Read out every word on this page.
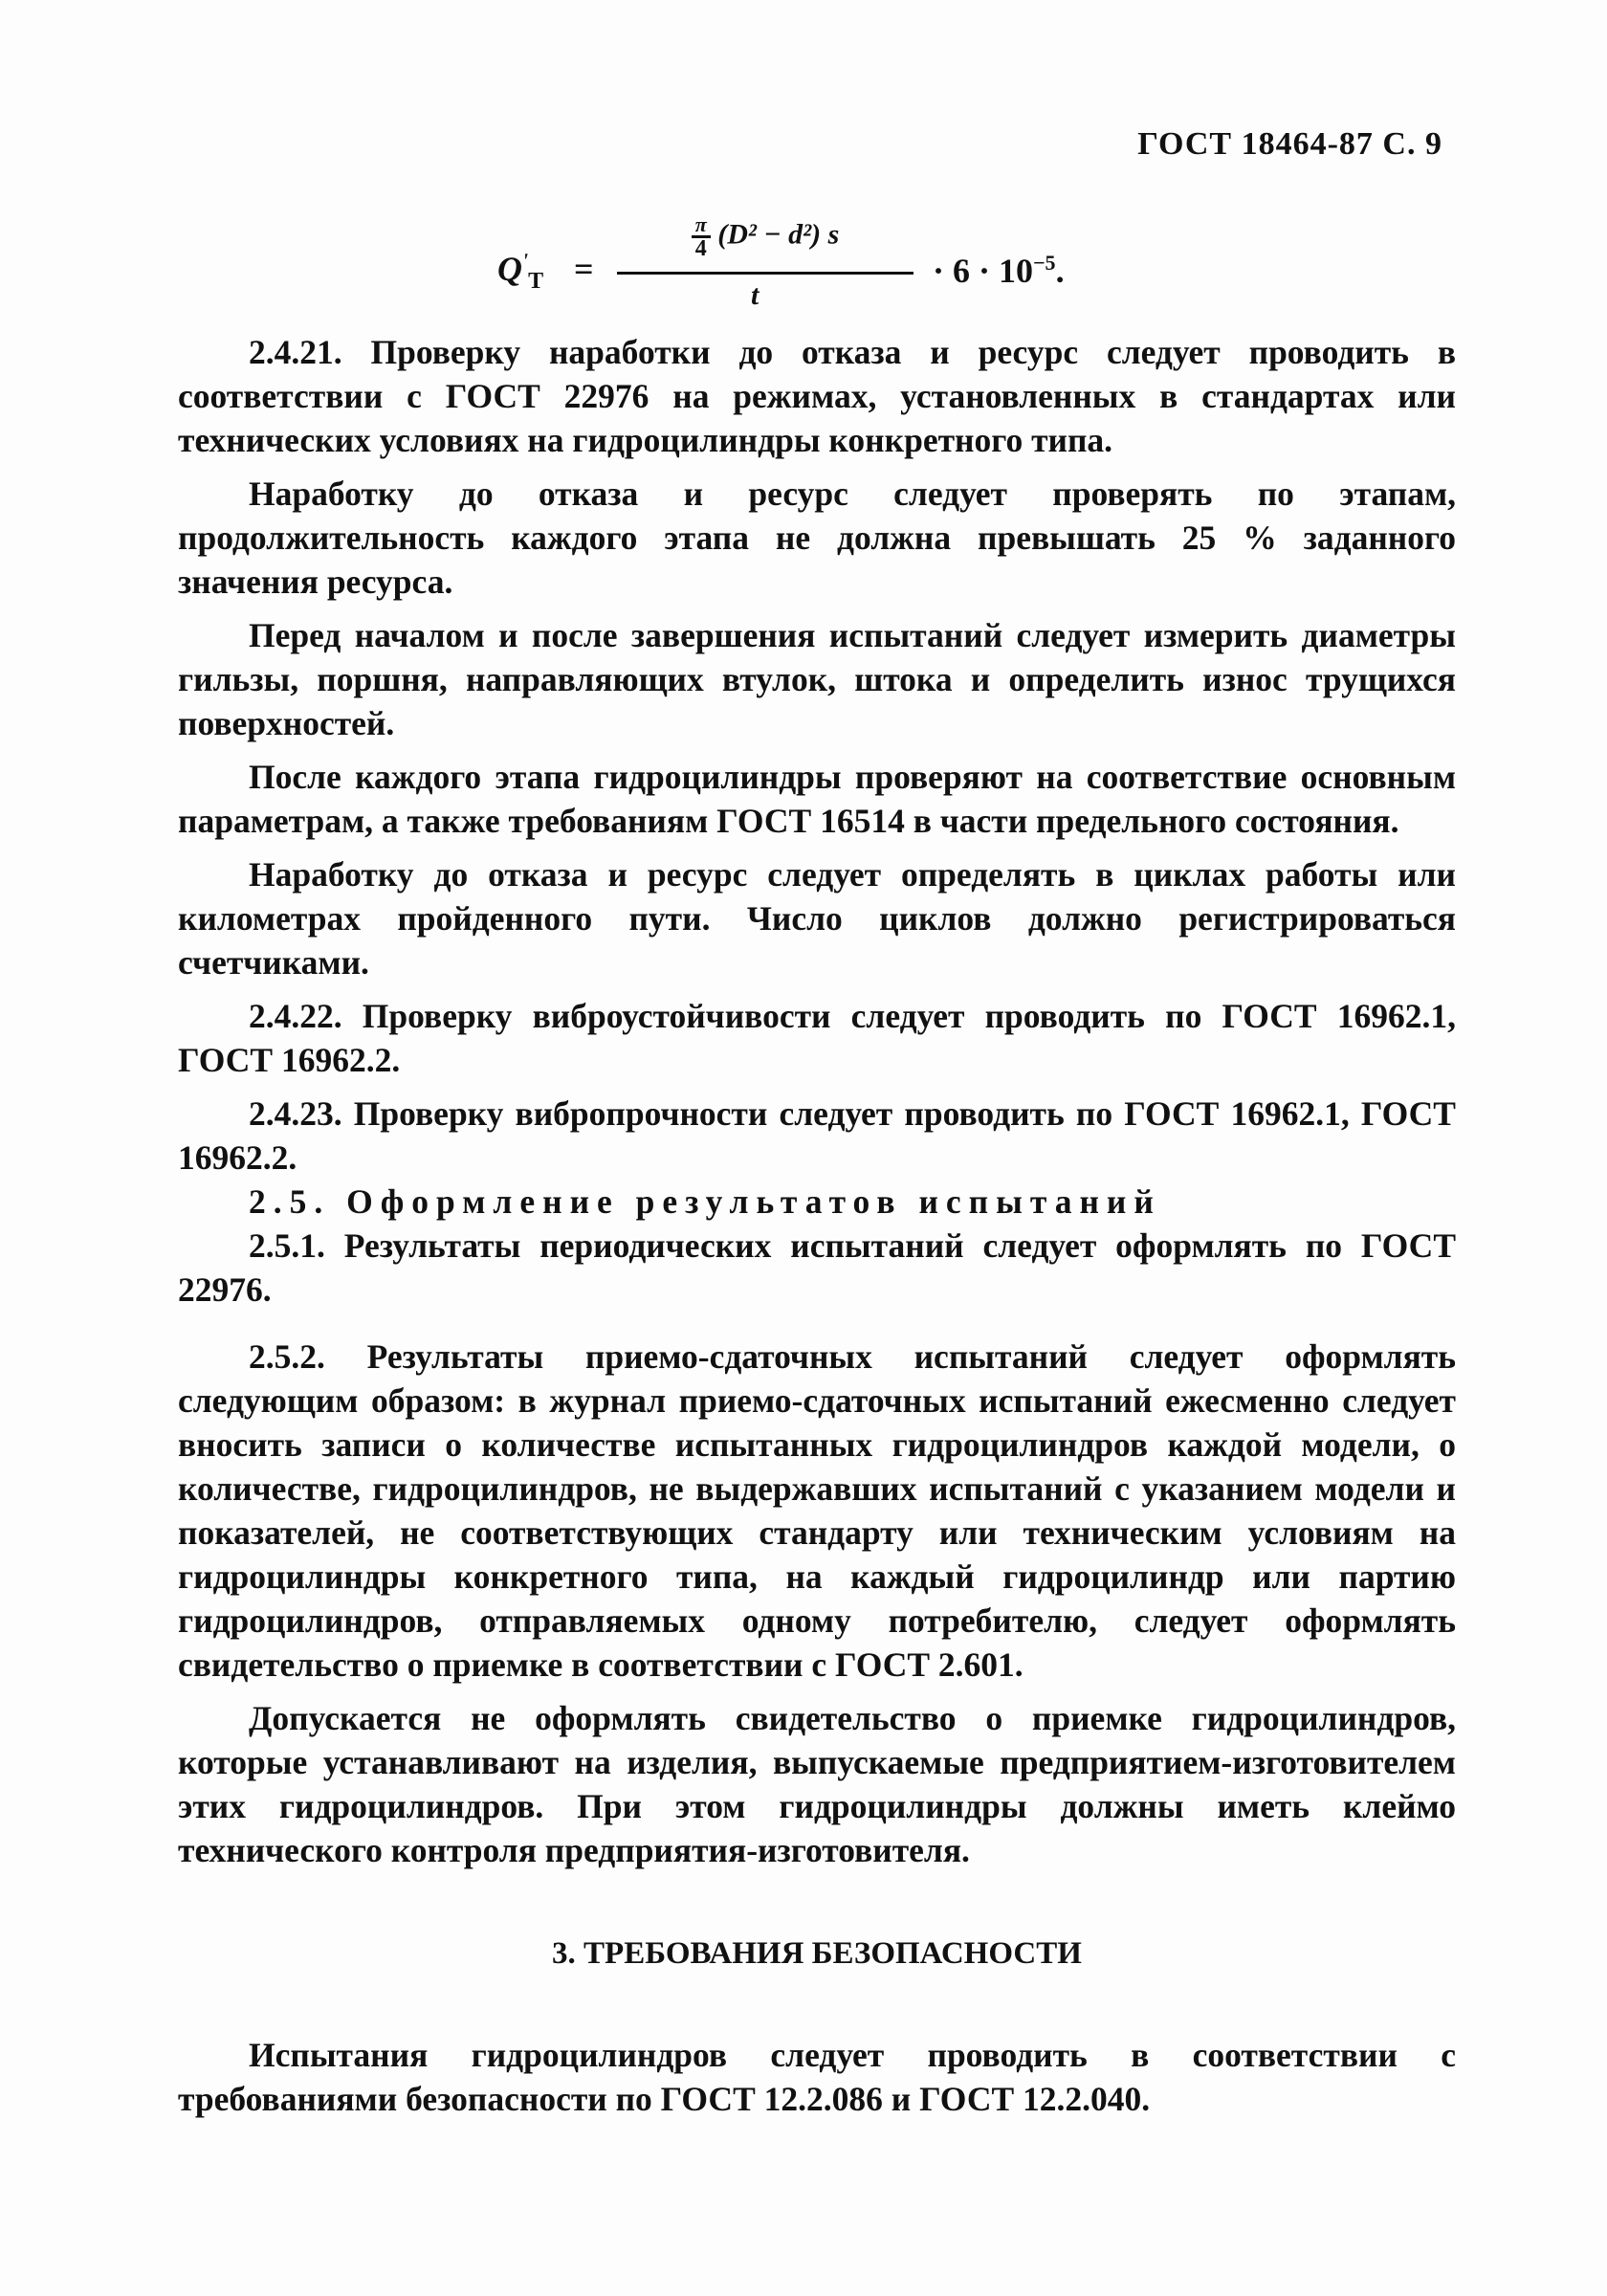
ГОСТ 18464-87 С. 9
$Q^ʹ_Т$ =
$\frac{\pi}{4} (D^2 - d^2)$ s
t
· $6 \cdot 10^{-5}$.

2.4.21. Проверку наработки до отказа и ресурс следует проводить в соответствии с ГОСТ 22976 на режимах, установленных в стандартах или технических условиях на гидроцилиндры конкретного типа.

Наработку до отказа и ресурс следует проверять по этапам, продолжительность каждого этапа не должна превышать 25 % заданного значения ресурса.

Перед началом и после завершения испытаний следует измерить диаметры гильзы, поршня, направляющих втулок, штока и определить износ трущихся поверхностей.

После каждого этапа гидроцилиндры проверяют на соответствие основным параметрам, а также требованиям ГОСТ 16514 в части предельного состояния.

Наработку до отказа и ресурс следует определять в циклах работы или километрах пройденного пути. Число циклов должно регистрироваться счетчиками.

2.4.22. Проверку виброустойчивости следует проводить по ГОСТ 16962.1, ГОСТ 16962.2.

2.4.23. Проверку вибропрочности следует проводить по ГОСТ 16962.1, ГОСТ 16962.2.

2.5. Оформление результатов испытаний

2.5.1. Результаты периодических испытаний следует оформлять по ГОСТ 22976.

2.5.2. Результаты приемо-сдаточных испытаний следует оформлять следующим образом: в журнал приемо-сдаточных испытаний ежесменно следует вносить записи о количестве испытанных гидроцилиндров каждой модели, о количестве, гидроцилиндров, не выдержавших испытаний с указанием модели и показателей, не соответствующих стандарту или техническим условиям на гидроцилиндры конкретного типа, на каждый гидроцилиндр или партию гидроцилиндров, отправляемых одному потребителю, следует оформлять свидетельство о приемке в соответствии с ГОСТ 2.601.

Допускается не оформлять свидетельство о приемке гидроцилиндров, которые устанавливают на изделия, выпускаемые предприятием-изготовителем этих гидроцилиндров. При этом гидроцилиндры должны иметь клеймо технического контроля предприятия-изготовителя.

3. ТРЕБОВАНИЯ БЕЗОПАСНОСТИ

Испытания гидроцилиндров следует проводить в соответствии с требованиями безопасности по ГОСТ 12.2.086 и ГОСТ 12.2.040.
